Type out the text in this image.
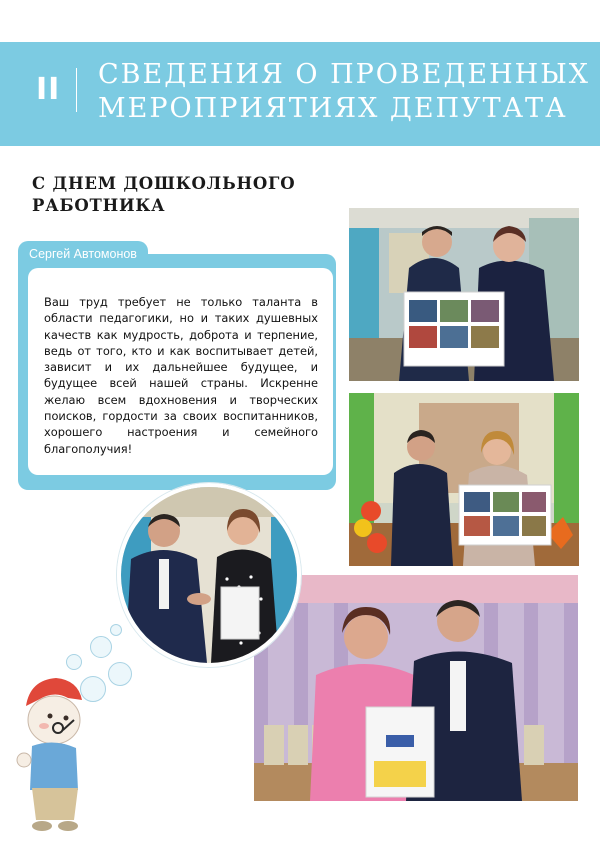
II СВЕДЕНИЯ О ПРОВЕДЕННЫХ
МЕРОПРИЯТИЯХ ДЕПУТАТА
С ДНЕМ ДОШКОЛЬНОГО
РАБОТНИКА
Сергей Автомонов
Ваш труд требует не только таланта в области педагогики, но и таких душевных качеств как мудрость, доброта и терпение, ведь от того, кто и как воспитывает детей, зависит и их дальнейшее будущее, и будущее всей нашей страны. Искренне желаю всем вдохновения и творческих поисков, гордости за своих воспитанников, хорошего настроения и семейного благополучия!
